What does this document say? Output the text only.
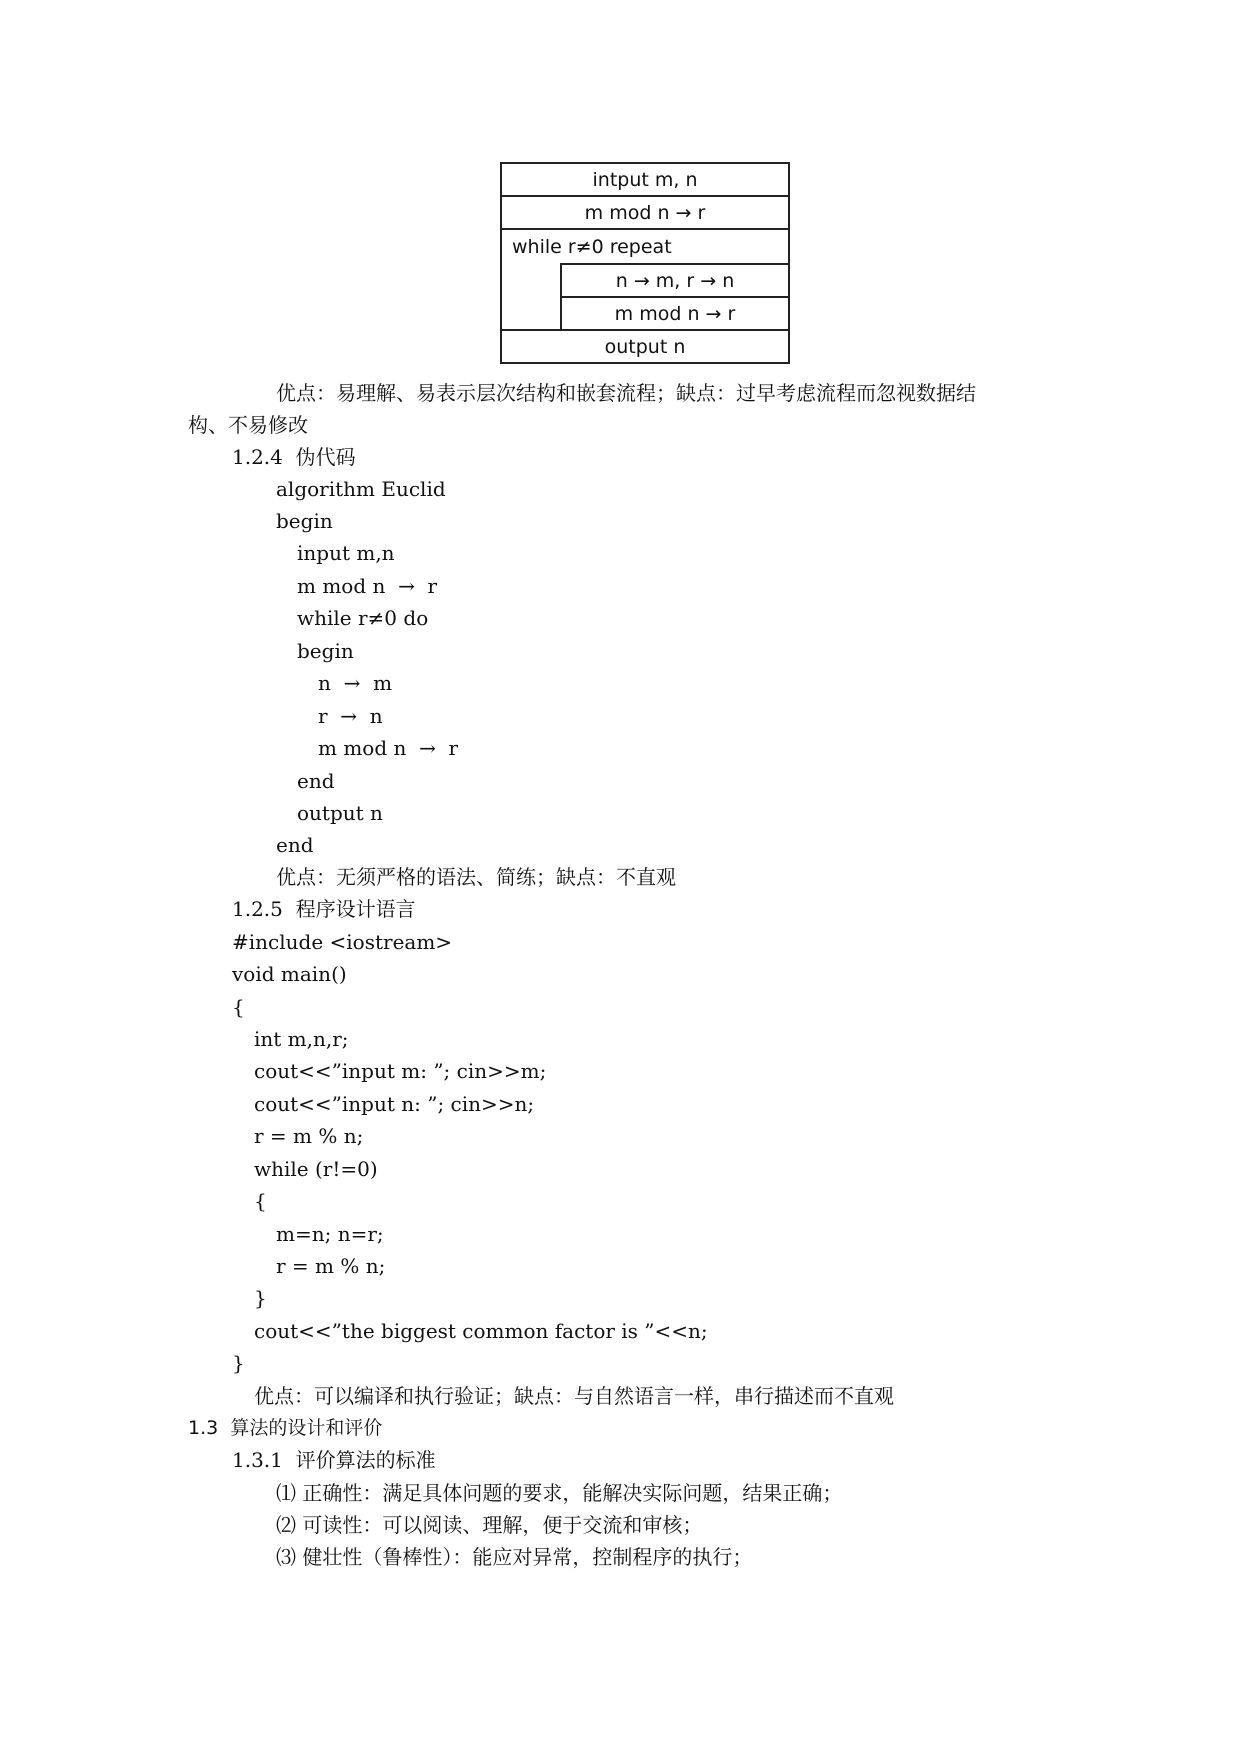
intput m, n
m mod n → r
while r≠0 repeat
n → m, r → n
m mod n → r
output n
优点：易理解、易表示层次结构和嵌套流程；缺点：过早考虑流程而忽视数据结
构、不易修改
1.2.4 伪代码
algorithm Euclid
begin
input m,n
m mod n  →  r
while r≠0 do
begin
n  →  m
r  →  n
m mod n  →  r
end
output n
end
优点：无须严格的语法、简练；缺点：不直观
1.2.5 程序设计语言
#include <iostream>
void main()
{
int m,n,r;
cout<<”input m: ”; cin>>m;
cout<<”input n: ”; cin>>n;
r = m % n;
while (r!=0)
{
m=n; n=r;
r = m % n;
}
cout<<”the biggest common factor is ”<<n;
}
优点：可以编译和执行验证；缺点：与自然语言一样，串行描述而不直观
1.3 算法的设计和评价
1.3.1 评价算法的标准
⑴ 正确性：满足具体问题的要求，能解决实际问题，结果正确；
⑵ 可读性：可以阅读、理解，便于交流和审核；
⑶ 健壮性（鲁棒性）：能应对异常，控制程序的执行；
